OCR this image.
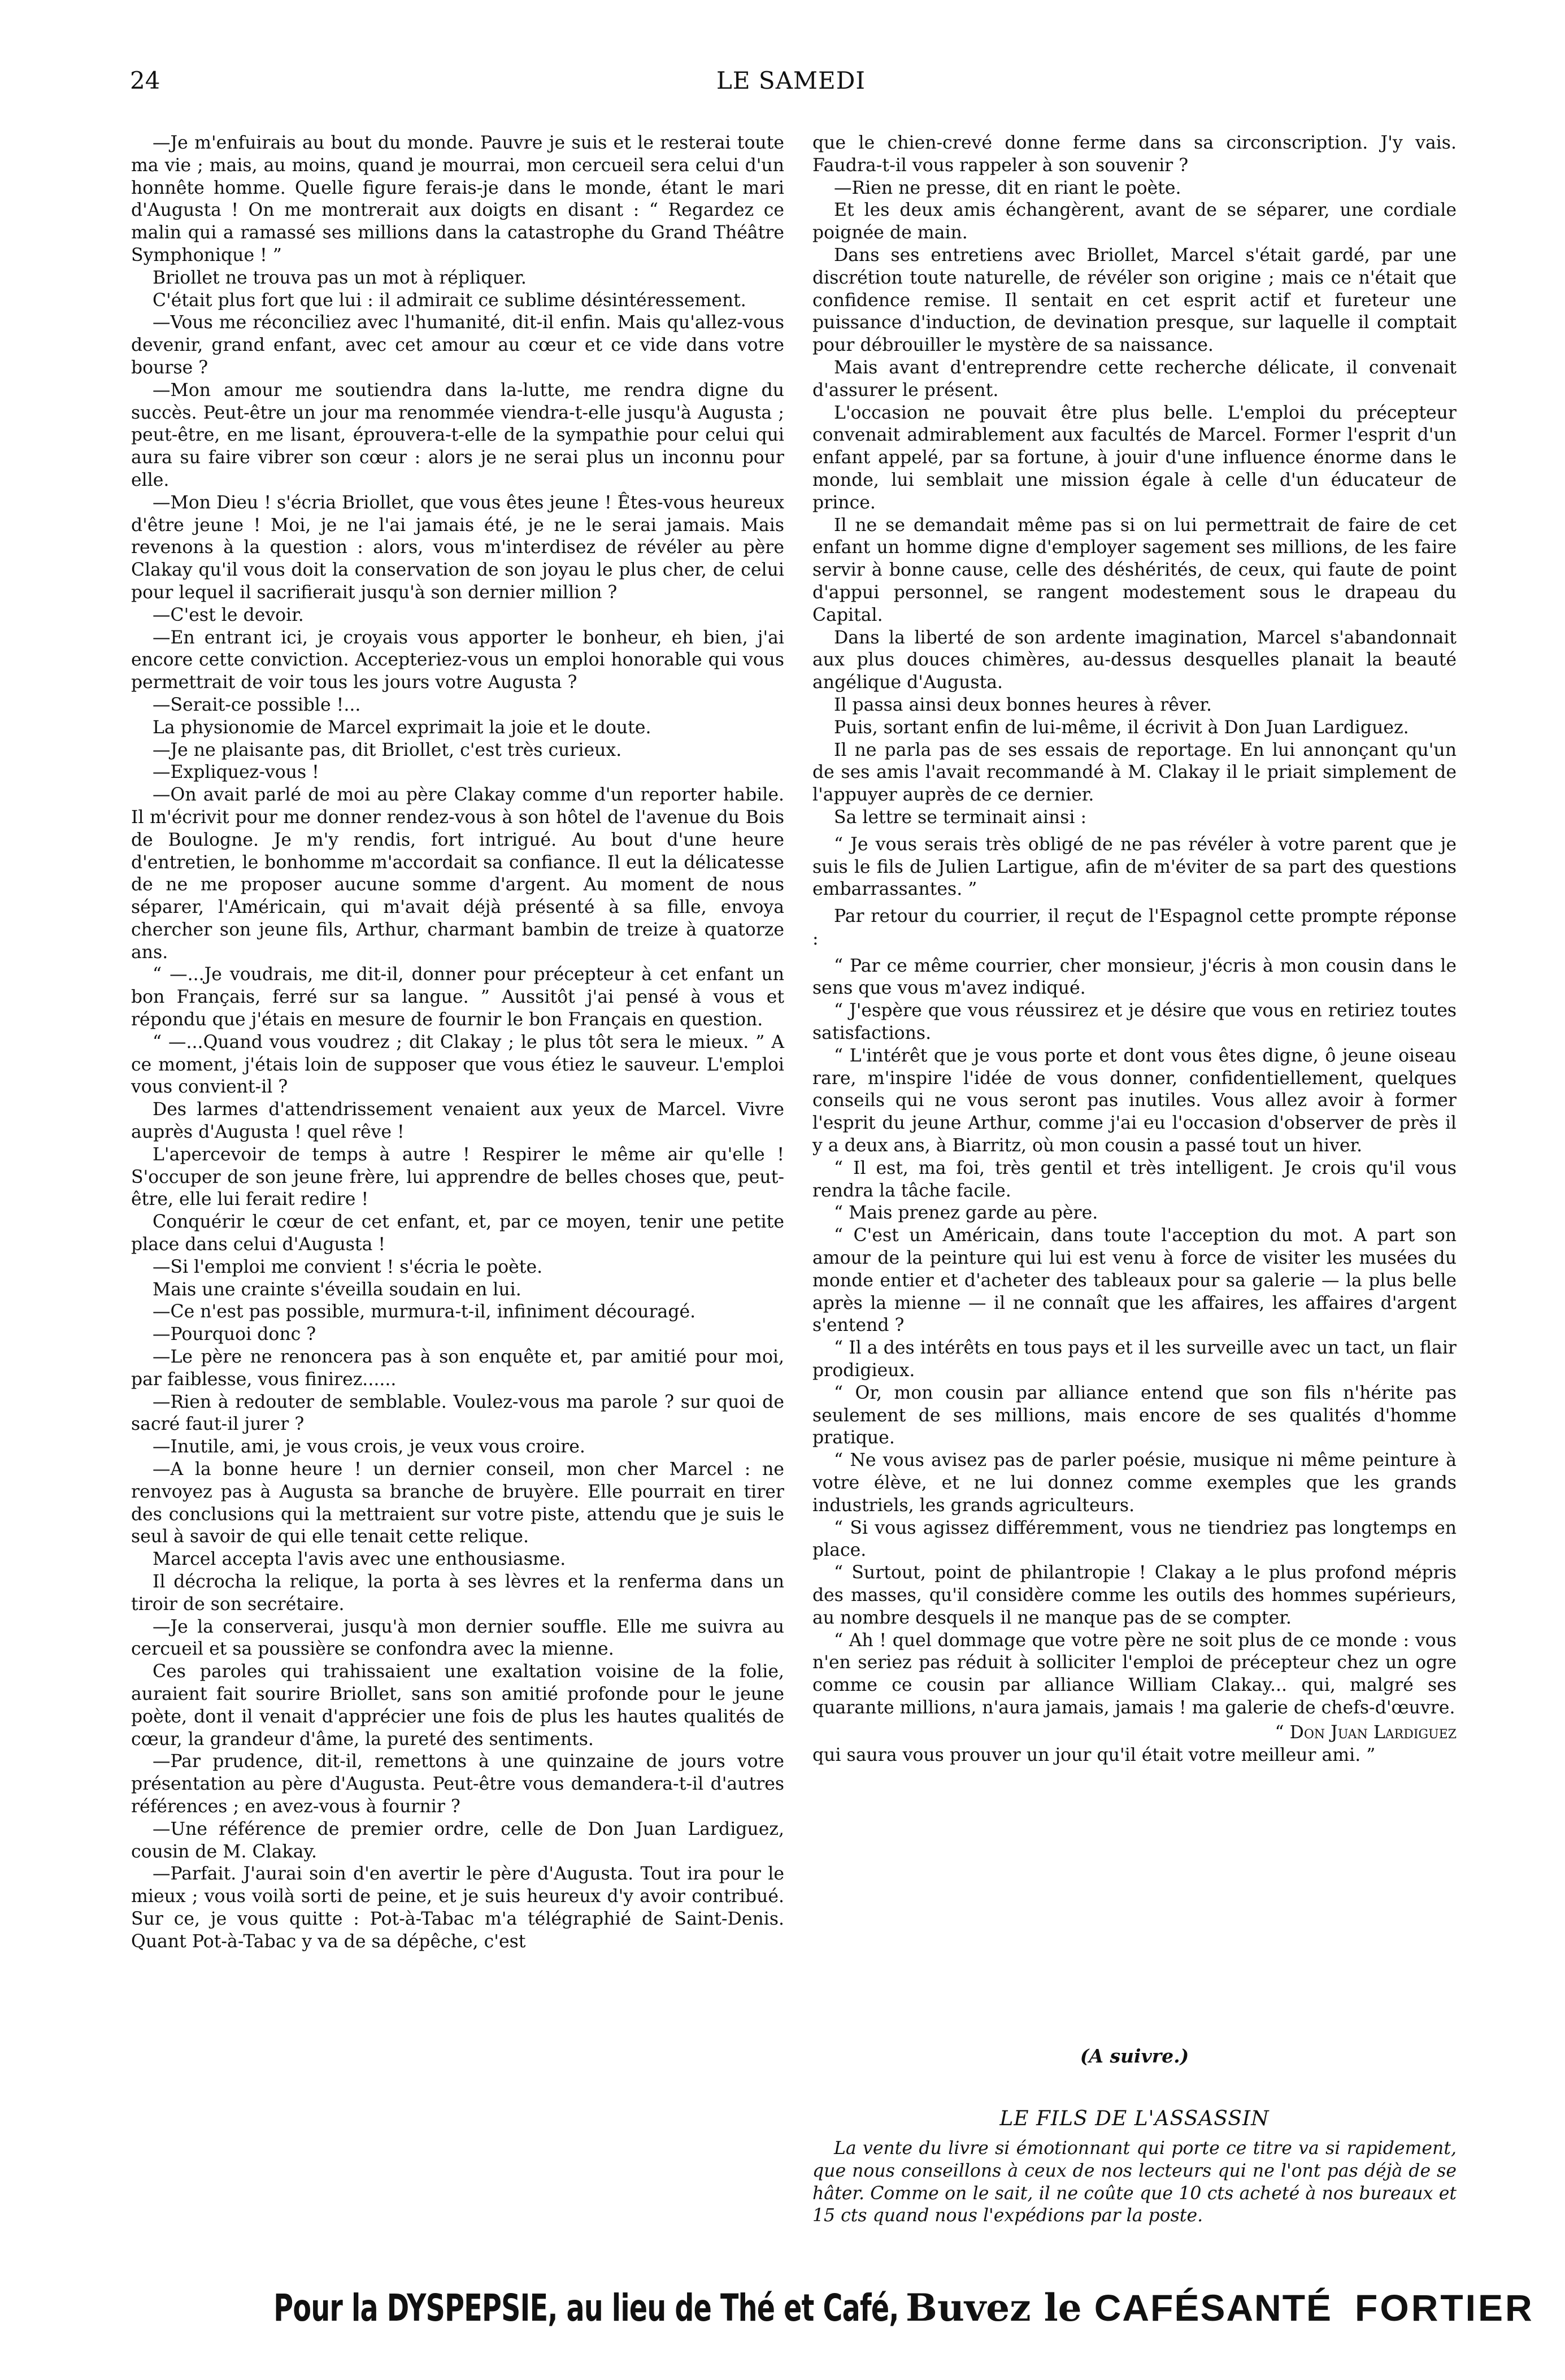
24	LE SAMEDI

—Je m'enfuirais au bout du monde. Pauvre je suis et le resterai toute ma vie ; mais, au moins, quand je mourrai, mon cercueil sera celui d'un honnête homme. Quelle figure ferais-je dans le monde, étant le mari d'Augusta ! On me montrerait aux doigts en disant : “ Regardez ce malin qui a ramassé ses millions dans la catastrophe du Grand Théâtre Symphonique ! ”

Briollet ne trouva pas un mot à répliquer.

C'était plus fort que lui : il admirait ce sublime désintéressement.

—Vous me réconciliez avec l'humanité, dit-il enfin. Mais qu'allez-vous devenir, grand enfant, avec cet amour au cœur et ce vide dans votre bourse ?

—Mon amour me soutiendra dans la-lutte, me rendra digne du succès. Peut-être un jour ma renommée viendra-t-elle jusqu'à Augusta ; peut-être, en me lisant, éprouvera-t-elle de la sympathie pour celui qui aura su faire vibrer son cœur : alors je ne serai plus un inconnu pour elle.

—Mon Dieu ! s'écria Briollet, que vous êtes jeune ! Êtes-vous heureux d'être jeune ! Moi, je ne l'ai jamais été, je ne le serai jamais. Mais revenons à la question : alors, vous m'interdisez de révéler au père Clakay qu'il vous doit la conservation de son joyau le plus cher, de celui pour lequel il sacrifierait jusqu'à son dernier million ?

—C'est le devoir.

—En entrant ici, je croyais vous apporter le bonheur, eh bien, j'ai encore cette conviction. Accepteriez-vous un emploi honorable qui vous permettrait de voir tous les jours votre Augusta ?

—Serait-ce possible !...

La physionomie de Marcel exprimait la joie et le doute.

—Je ne plaisante pas, dit Briollet, c'est très curieux.

—Expliquez-vous !

—On avait parlé de moi au père Clakay comme d'un reporter habile. Il m'écrivit pour me donner rendez-vous à son hôtel de l'avenue du Bois de Boulogne. Je m'y rendis, fort intrigué. Au bout d'une heure d'entretien, le bonhomme m'accordait sa confiance. Il eut la délicatesse de ne me proposer aucune somme d'argent. Au moment de nous séparer, l'Américain, qui m'avait déjà présenté à sa fille, envoya chercher son jeune fils, Arthur, charmant bambin de treize à quatorze ans.

“ —...Je voudrais, me dit-il, donner pour précepteur à cet enfant un bon Français, ferré sur sa langue. ” Aussitôt j'ai pensé à vous et répondu que j'étais en mesure de fournir le bon Français en question.

“ —...Quand vous voudrez ; dit Clakay ; le plus tôt sera le mieux. ” A ce moment, j'étais loin de supposer que vous étiez le sauveur. L'emploi vous convient-il ?

Des larmes d'attendrissement venaient aux yeux de Marcel. Vivre auprès d'Augusta ! quel rêve !

L'apercevoir de temps à autre ! Respirer le même air qu'elle ! S'occuper de son jeune frère, lui apprendre de belles choses que, peut-être, elle lui ferait redire !

Conquérir le cœur de cet enfant, et, par ce moyen, tenir une petite place dans celui d'Augusta !

—Si l'emploi me convient ! s'écria le poète.

Mais une crainte s'éveilla soudain en lui.

—Ce n'est pas possible, murmura-t-il, infiniment découragé.

—Pourquoi donc ?

—Le père ne renoncera pas à son enquête et, par amitié pour moi, par faiblesse, vous finirez......

—Rien à redouter de semblable. Voulez-vous ma parole ? sur quoi de sacré faut-il jurer ?

—Inutile, ami, je vous crois, je veux vous croire.

—A la bonne heure ! un dernier conseil, mon cher Marcel : ne renvoyez pas à Augusta sa branche de bruyère. Elle pourrait en tirer des conclusions qui la mettraient sur votre piste, attendu que je suis le seul à savoir de qui elle tenait cette relique.

Marcel accepta l'avis avec une enthousiasme.

Il décrocha la relique, la porta à ses lèvres et la renferma dans un tiroir de son secrétaire.

—Je la conserverai, jusqu'à mon dernier souffle. Elle me suivra au cercueil et sa poussière se confondra avec la mienne.

Ces paroles qui trahissaient une exaltation voisine de la folie, auraient fait sourire Briollet, sans son amitié profonde pour le jeune poète, dont il venait d'apprécier une fois de plus les hautes qualités de cœur, la grandeur d'âme, la pureté des sentiments.

—Par prudence, dit-il, remettons à une quinzaine de jours votre présentation au père d'Augusta. Peut-être vous demandera-t-il d'autres références ; en avez-vous à fournir ?

—Une référence de premier ordre, celle de Don Juan Lardiguez, cousin de M. Clakay.

—Parfait. J'aurai soin d'en avertir le père d'Augusta. Tout ira pour le mieux ; vous voilà sorti de peine, et je suis heureux d'y avoir contribué. Sur ce, je vous quitte : Pot-à-Tabac m'a télégraphié de Saint-Denis. Quant Pot-à-Tabac y va de sa dépêche, c'est

que le chien-crevé donne ferme dans sa circonscription. J'y vais. Faudra-t-il vous rappeler à son souvenir ?

—Rien ne presse, dit en riant le poète.

Et les deux amis échangèrent, avant de se séparer, une cordiale poignée de main.

Dans ses entretiens avec Briollet, Marcel s'était gardé, par une discrétion toute naturelle, de révéler son origine ; mais ce n'était que confidence remise. Il sentait en cet esprit actif et fureteur une puissance d'induction, de devination presque, sur laquelle il comptait pour débrouiller le mystère de sa naissance.

Mais avant d'entreprendre cette recherche délicate, il convenait d'assurer le présent.

L'occasion ne pouvait être plus belle. L'emploi du précepteur convenait admirablement aux facultés de Marcel. Former l'esprit d'un enfant appelé, par sa fortune, à jouir d'une influence énorme dans le monde, lui semblait une mission égale à celle d'un éducateur de prince.

Il ne se demandait même pas si on lui permettrait de faire de cet enfant un homme digne d'employer sagement ses millions, de les faire servir à bonne cause, celle des déshérités, de ceux, qui faute de point d'appui personnel, se rangent modestement sous le drapeau du Capital.

Dans la liberté de son ardente imagination, Marcel s'abandonnait aux plus douces chimères, au-dessus desquelles planait la beauté angélique d'Augusta.

Il passa ainsi deux bonnes heures à rêver.

Puis, sortant enfin de lui-même, il écrivit à Don Juan Lardiguez.

Il ne parla pas de ses essais de reportage. En lui annonçant qu'un de ses amis l'avait recommandé à M. Clakay il le priait simplement de l'appuyer auprès de ce dernier.

Sa lettre se terminait ainsi :

“ Je vous serais très obligé de ne pas révéler à votre parent que je suis le fils de Julien Lartigue, afin de m'éviter de sa part des questions embarrassantes. ”

Par retour du courrier, il reçut de l'Espagnol cette prompte réponse :

“ Par ce même courrier, cher monsieur, j'écris à mon cousin dans le sens que vous m'avez indiqué.

“ J'espère que vous réussirez et je désire que vous en retiriez toutes satisfactions.

“ L'intérêt que je vous porte et dont vous êtes digne, ô jeune oiseau rare, m'inspire l'idée de vous donner, confidentiellement, quelques conseils qui ne vous seront pas inutiles. Vous allez avoir à former l'esprit du jeune Arthur, comme j'ai eu l'occasion d'observer de près il y a deux ans, à Biarritz, où mon cousin a passé tout un hiver.

“ Il est, ma foi, très gentil et très intelligent. Je crois qu'il vous rendra la tâche facile.

“ Mais prenez garde au père.

“ C'est un Américain, dans toute l'acception du mot. A part son amour de la peinture qui lui est venu à force de visiter les musées du monde entier et d'acheter des tableaux pour sa galerie — la plus belle après la mienne — il ne connaît que les affaires, les affaires d'argent s'entend ?

“ Il a des intérêts en tous pays et il les surveille avec un tact, un flair prodigieux.

“ Or, mon cousin par alliance entend que son fils n'hérite pas seulement de ses millions, mais encore de ses qualités d'homme pratique.

“ Ne vous avisez pas de parler poésie, musique ni même peinture à votre élève, et ne lui donnez comme exemples que les grands industriels, les grands agriculteurs.

“ Si vous agissez différemment, vous ne tiendriez pas longtemps en place.

“ Surtout, point de philantropie ! Clakay a le plus profond mépris des masses, qu'il considère comme les outils des hommes supérieurs, au nombre desquels il ne manque pas de se compter.

“ Ah ! quel dommage que votre père ne soit plus de ce monde : vous n'en seriez pas réduit à solliciter l'emploi de précepteur chez un ogre comme ce cousin par alliance William Clakay... qui, malgré ses quarante millions, n'aura jamais, jamais ! ma galerie de chefs-d'œuvre.

“ Don Juan Lardiguez

qui saura vous prouver un jour qu'il était votre meilleur ami. ”

(A suivre.)
LE FILS DE L'ASSASSIN
La vente du livre si émotionnant qui porte ce titre va si rapidement, que nous conseillons à ceux de nos lecteurs qui ne l'ont pas déjà de se hâter. Comme on le sait, il ne coûte que 10 cts acheté à nos bureaux et 15 cts quand nous l'expédions par la poste.
Pour la DYSPEPSIE, au lieu de Thé et Café, Buvez le CAFÉSANTÉ FORTIER
